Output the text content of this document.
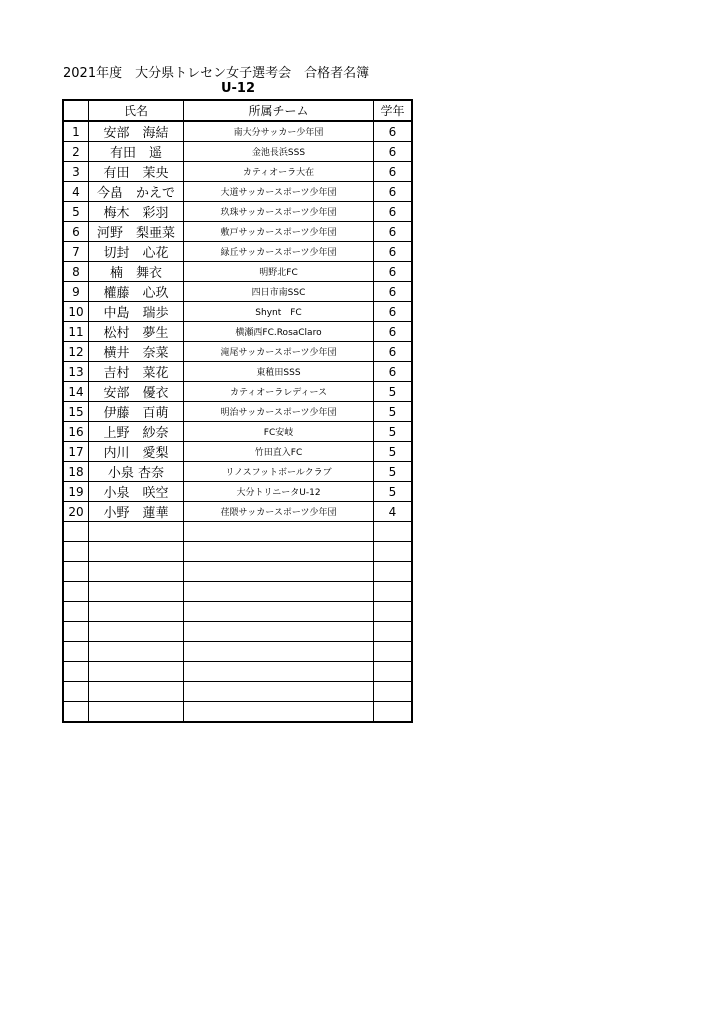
2021年度　大分県トレセン女子選考会　合格者名簿
U-12
	氏名	所属チーム	学年
1	安部　海結	南大分サッカー少年団	6
2	有田　遥	金池長浜SSS	6
3	有田　茉央	カティオーラ大在	6
4	今畠　かえで	大道サッカースポーツ少年団	6
5	梅木　彩羽	玖珠サッカースポーツ少年団	6
6	河野　梨亜菜	敷戸サッカースポーツ少年団	6
7	切封　心花	緑丘サッカースポーツ少年団	6
8	楠　舞衣	明野北FC	6
9	權藤　心玖	四日市南SSC	6
10	中島　瑞歩	Shynt　FC	6
11	松村　夢生	横瀬西FC.RosaClaro	6
12	横井　奈菜	滝尾サッカースポーツ少年団	6
13	吉村　菜花	東稙田SSS	6
14	安部　優衣	カティオーラレディース	5
15	伊藤　百萌	明治サッカースポーツ少年団	5
16	上野　紗奈	FC安岐	5
17	内川　愛梨	竹田直入FC	5
18	小泉 杏奈	リノスフットボールクラブ	5
19	小泉　咲空	大分トリニータU-12	5
20	小野　蓮華	荏隈サッカースポーツ少年団	4
